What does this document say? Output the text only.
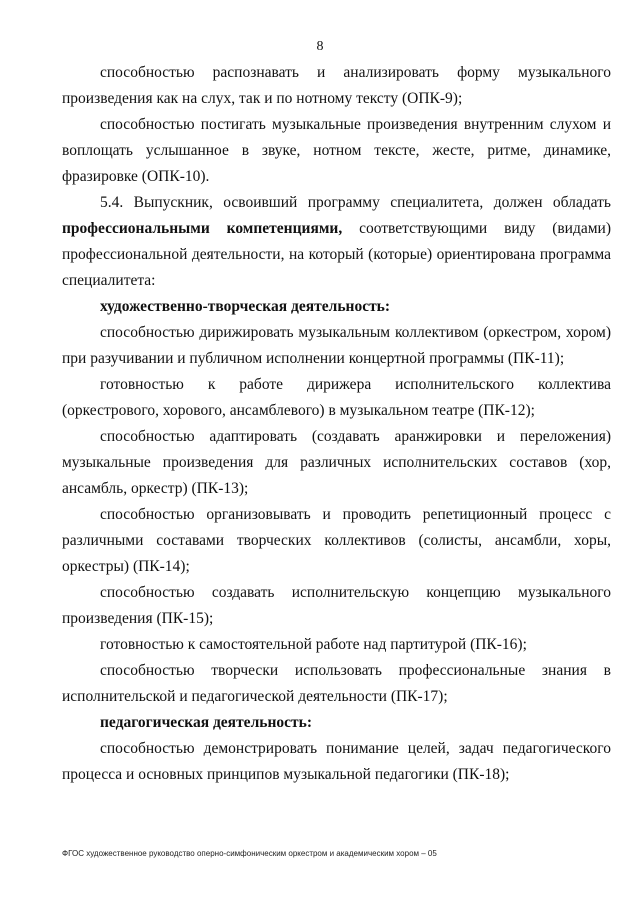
8

способностью распознавать и анализировать форму музыкального произведения как на слух, так и по нотному тексту (ОПК-9);

способностью постигать музыкальные произведения внутренним слухом и воплощать услышанное в звуке, нотном тексте, жесте, ритме, динамике, фразировке (ОПК-10).

5.4. Выпускник, освоивший программу специалитета, должен обладать профессиональными компетенциями, соответствующими виду (видами) профессиональной деятельности, на который (которые) ориентирована программа специалитета:

художественно-творческая деятельность:

способностью дирижировать музыкальным коллективом (оркестром, хором) при разучивании и публичном исполнении концертной программы (ПК-11);

готовностью к работе дирижера исполнительского коллектива (оркестрового, хорового, ансамблевого) в музыкальном театре (ПК-12);

способностью адаптировать (создавать аранжировки и переложения) музыкальные произведения для различных исполнительских составов (хор, ансамбль, оркестр) (ПК-13);

способностью организовывать и проводить репетиционный процесс с различными составами творческих коллективов (солисты, ансамбли, хоры, оркестры) (ПК-14);

способностью создавать исполнительскую концепцию музыкального произведения (ПК-15);

готовностью к самостоятельной работе над партитурой (ПК-16);

способностью творчески использовать профессиональные знания в исполнительской и педагогической деятельности (ПК-17);

педагогическая деятельность:

способностью демонстрировать понимание целей, задач педагогического процесса и основных принципов музыкальной педагогики (ПК-18);

ФГОС художественное руководство оперно-симфоническим оркестром и академическим хором – 05
